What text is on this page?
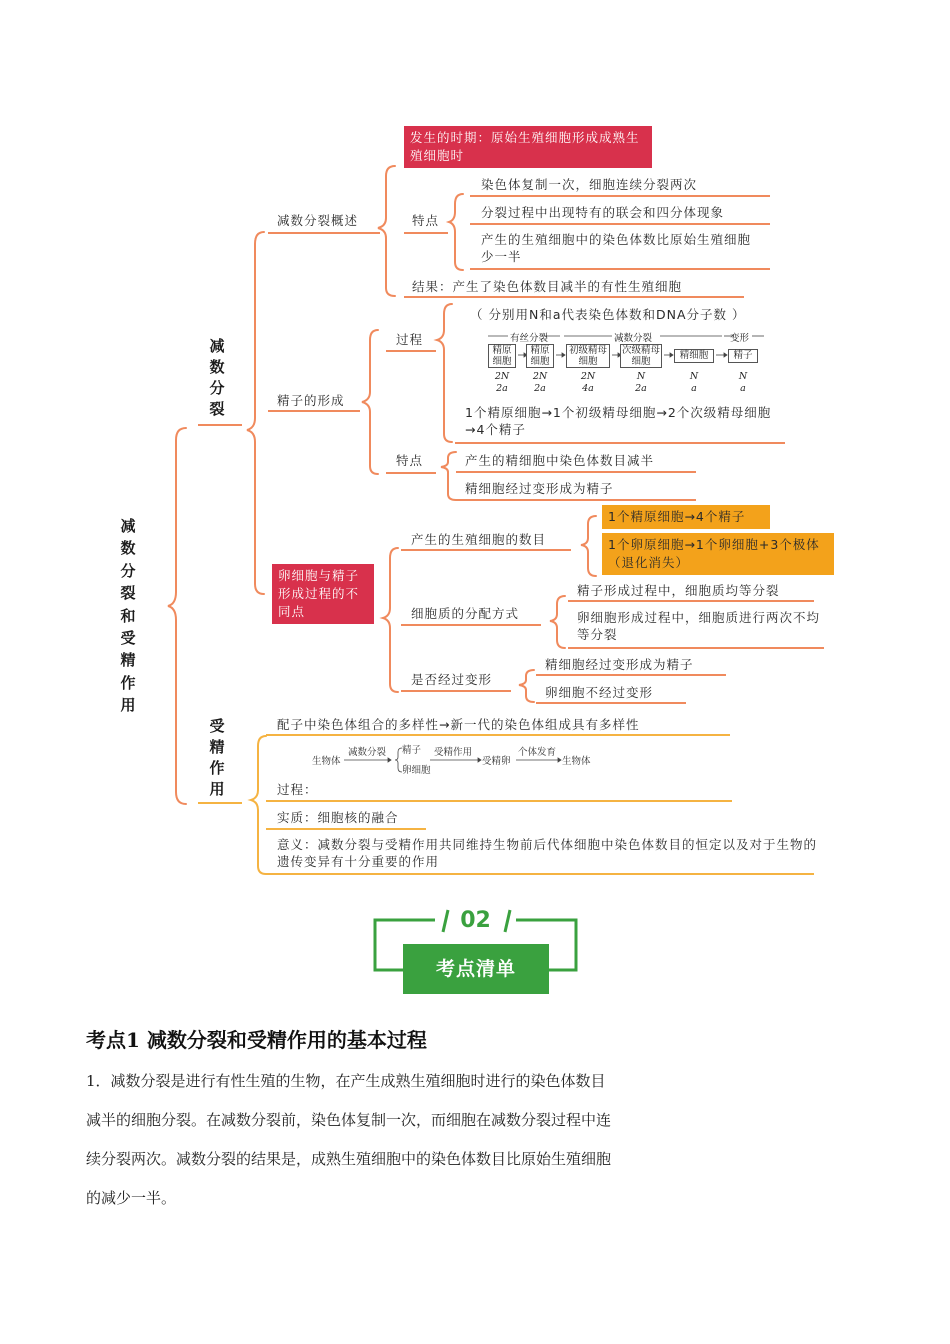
减数分裂和受精作用
减数分裂
受精作用
减数分裂概述
发生的时期：原始生殖细胞形成成熟生殖细胞时
特点
染色体复制一次，细胞连续分裂两次
分裂过程中出现特有的联会和四分体现象
产生的生殖细胞中的染色体数比原始生殖细胞少一半
结果：产生了染色体数目减半的有性生殖细胞
精子的形成
过程
（ 分别用N和a代表染色体数和DNA分子数 ）
有丝分裂	减数分裂	变形
精原细胞
精原细胞
初级精母细胞
次级精母细胞
精细胞	精子
2N	2N	2N	N	N	N
2a	2a	4a	2a	a	a
1个精原细胞→1个初级精母细胞→2个次级精母细胞→4个精子
特点	产生的精细胞中染色体数目减半
精细胞经过变形成为精子
卵细胞与精子形成过程的不同点
产生的生殖细胞的数目
1个精原细胞→4个精子
1个卵原细胞→1个卵细胞+3个极体（退化消失）
细胞质的分配方式
精子形成过程中，细胞质均等分裂
卵细胞形成过程中，细胞质进行两次不均等分裂
是否经过变形
精细胞经过变形成为精子
卵细胞不经过变形
配子中染色体组合的多样性→新一代的染色体组成具有多样性
生物体
减数分裂 精子
卵细胞
受精作用
受精卵
个体发育
生物体
过程：
实质：细胞核的融合
意义：减数分裂与受精作用共同维持生物前后代体细胞中染色体数目的恒定以及对于生物的遗传变异有十分重要的作用
02
考点清单
考点1 减数分裂和受精作用的基本过程
1．减数分裂是进行有性生殖的生物，在产生成熟生殖细胞时进行的染色体数目
减半的细胞分裂。在减数分裂前，染色体复制一次，而细胞在减数分裂过程中连
续分裂两次。减数分裂的结果是，成熟生殖细胞中的染色体数目比原始生殖细胞
的减少一半。
